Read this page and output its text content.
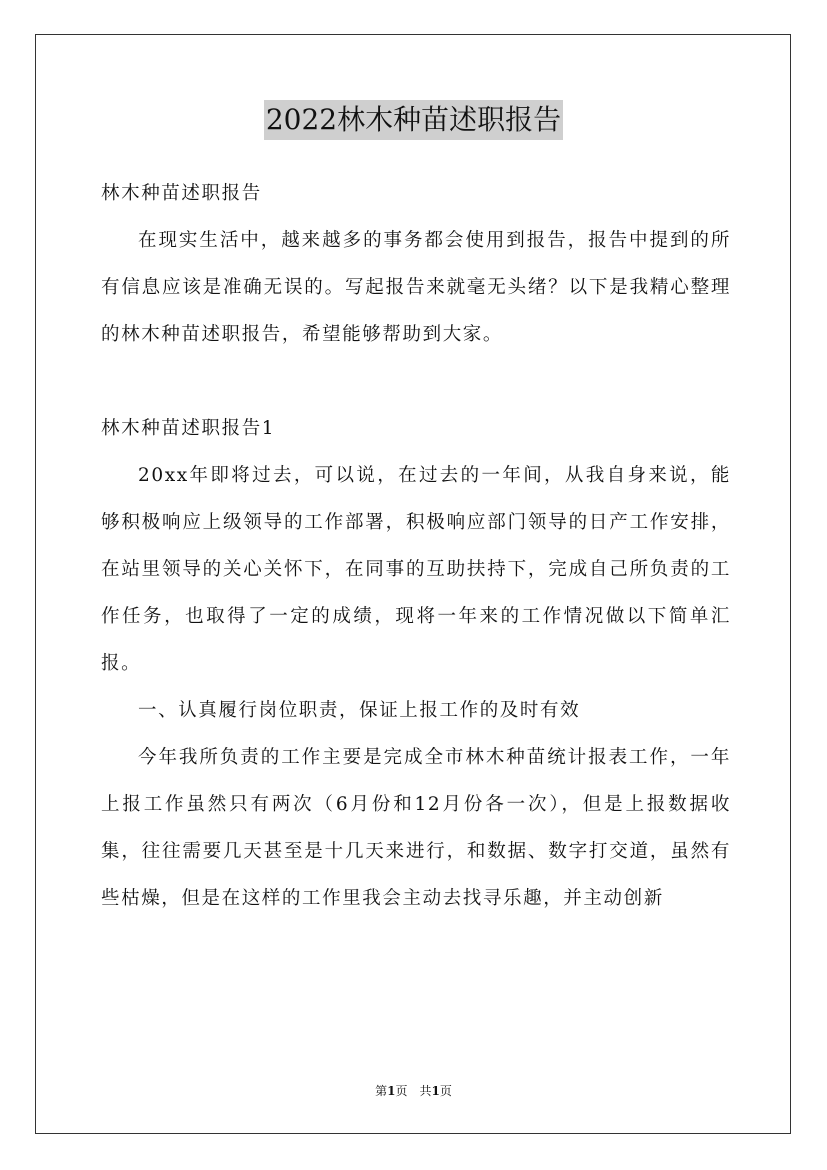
2022林木种苗述职报告

林木种苗述职报告

在现实生活中，越来越多的事务都会使用到报告，报告中提到的所有信息应该是准确无误的。写起报告来就毫无头绪？以下是我精心整理的林木种苗述职报告，希望能够帮助到大家。

林木种苗述职报告1

20xx年即将过去，可以说，在过去的一年间，从我自身来说，能够积极响应上级领导的工作部署，积极响应部门领导的日产工作安排，在站里领导的关心关怀下，在同事的互助扶持下，完成自己所负责的工作任务，也取得了一定的成绩，现将一年来的工作情况做以下简单汇报。

一、认真履行岗位职责，保证上报工作的及时有效

今年我所负责的工作主要是完成全市林木种苗统计报表工作，一年上报工作虽然只有两次（6月份和12月份各一次），但是上报数据收集，往往需要几天甚至是十几天来进行，和数据、数字打交道，虽然有些枯燥，但是在这样的工作里我会主动去找寻乐趣，并主动创新

第1页　共1页
